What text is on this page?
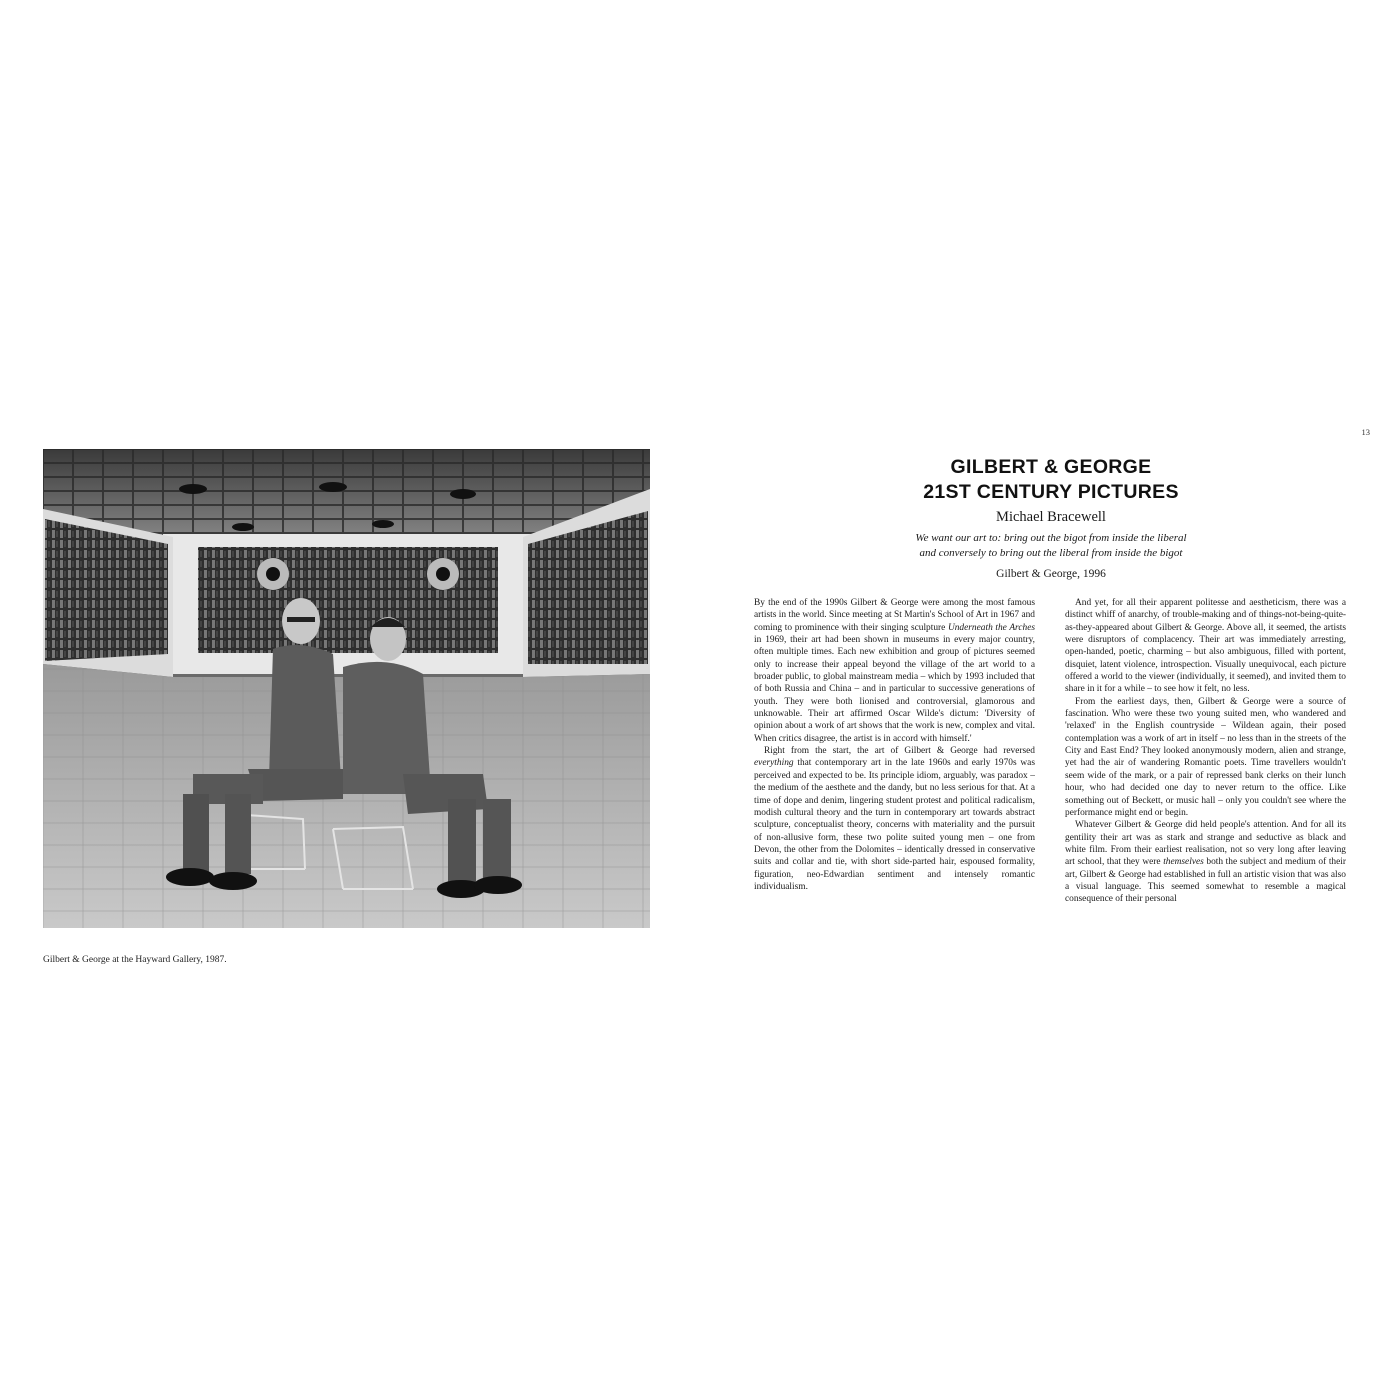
Gilbert & George at the Hayward Gallery, 1987.
13
GILBERT & GEORGE
21ST CENTURY PICTURES
Michael Bracewell
We want our art to: bring out the bigot from inside the liberal
and conversely to bring out the liberal from inside the bigot
Gilbert & George, 1996

By the end of the 1990s Gilbert & George were among the most famous artists in the world. Since meeting at St Martin's School of Art in 1967 and coming to prominence with their singing sculpture Underneath the Arches in 1969, their art had been shown in museums in every major country, often multiple times. Each new exhibition and group of pictures seemed only to increase their appeal beyond the village of the art world to a broader public, to global mainstream media – which by 1993 included that of both Russia and China – and in particular to successive generations of youth. They were both lionised and controversial, glamorous and unknowable. Their art affirmed Oscar Wilde's dictum: 'Diversity of opinion about a work of art shows that the work is new, complex and vital. When critics disagree, the artist is in accord with himself.'

Right from the start, the art of Gilbert & George had reversed everything that contemporary art in the late 1960s and early 1970s was perceived and expected to be. Its principle idiom, arguably, was paradox – the medium of the aesthete and the dandy, but no less serious for that. At a time of dope and denim, lingering student protest and political radicalism, modish cultural theory and the turn in contemporary art towards abstract sculpture, conceptualist theory, concerns with materiality and the pursuit of non-allusive form, these two polite suited young men – one from Devon, the other from the Dolomites – identically dressed in conservative suits and collar and tie, with short side-parted hair, espoused formality, figuration, neo-Edwardian sentiment and intensely romantic individualism.

And yet, for all their apparent politesse and aestheticism, there was a distinct whiff of anarchy, of trouble-making and of things-not-being-quite-as-they-appeared about Gilbert & George. Above all, it seemed, the artists were disruptors of complacency. Their art was immediately arresting, open-handed, poetic, charming – but also ambiguous, filled with portent, disquiet, latent violence, introspection. Visually unequivocal, each picture offered a world to the viewer (individually, it seemed), and invited them to share in it for a while – to see how it felt, no less.

From the earliest days, then, Gilbert & George were a source of fascination. Who were these two young suited men, who wandered and 'relaxed' in the English countryside – Wildean again, their posed contemplation was a work of art in itself – no less than in the streets of the City and East End? They looked anonymously modern, alien and strange, yet had the air of wandering Romantic poets. Time travellers wouldn't seem wide of the mark, or a pair of repressed bank clerks on their lunch hour, who had decided one day to never return to the office. Like something out of Beckett, or music hall – only you couldn't see where the performance might end or begin.

Whatever Gilbert & George did held people's attention. And for all its gentility their art was as stark and strange and seductive as black and white film. From their earliest realisation, not so very long after leaving art school, that they were themselves both the subject and medium of their art, Gilbert & George had established in full an artistic vision that was also a visual language. This seemed somewhat to resemble a magical consequence of their personal
